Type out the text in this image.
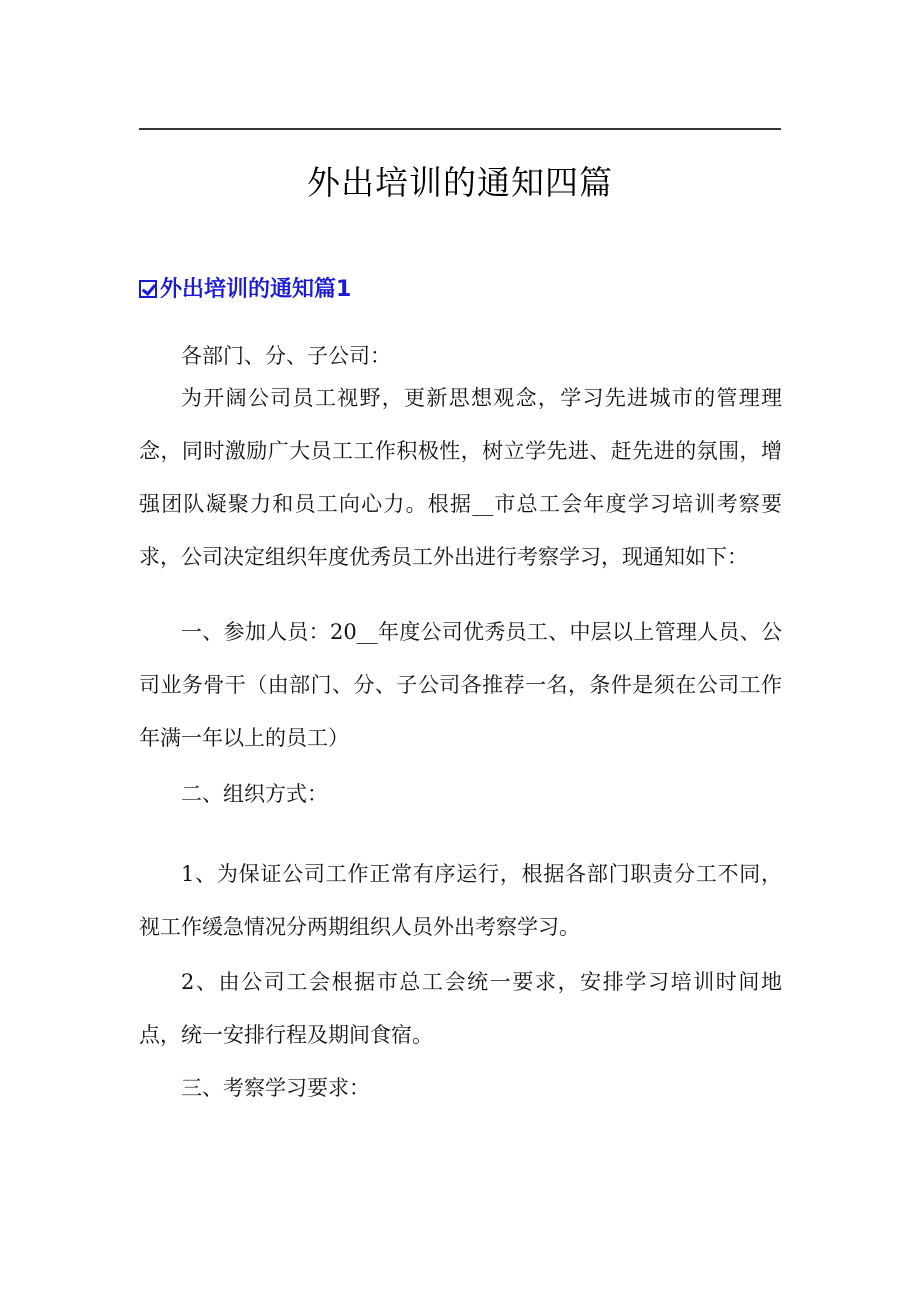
外出培训的通知四篇
外出培训的通知篇1

各部门、分、子公司：

为开阔公司员工视野，更新思想观念，学习先进城市的管理理念，同时激励广大员工工作积极性，树立学先进、赶先进的氛围，增强团队凝聚力和员工向心力。根据__市总工会年度学习培训考察要求，公司决定组织年度优秀员工外出进行考察学习，现通知如下：

一、参加人员：20__年度公司优秀员工、中层以上管理人员、公司业务骨干（由部门、分、子公司各推荐一名，条件是须在公司工作年满一年以上的员工）

二、组织方式：

1、为保证公司工作正常有序运行，根据各部门职责分工不同，视工作缓急情况分两期组织人员外出考察学习。

2、由公司工会根据市总工会统一要求，安排学习培训时间地点，统一安排行程及期间食宿。

三、考察学习要求：
